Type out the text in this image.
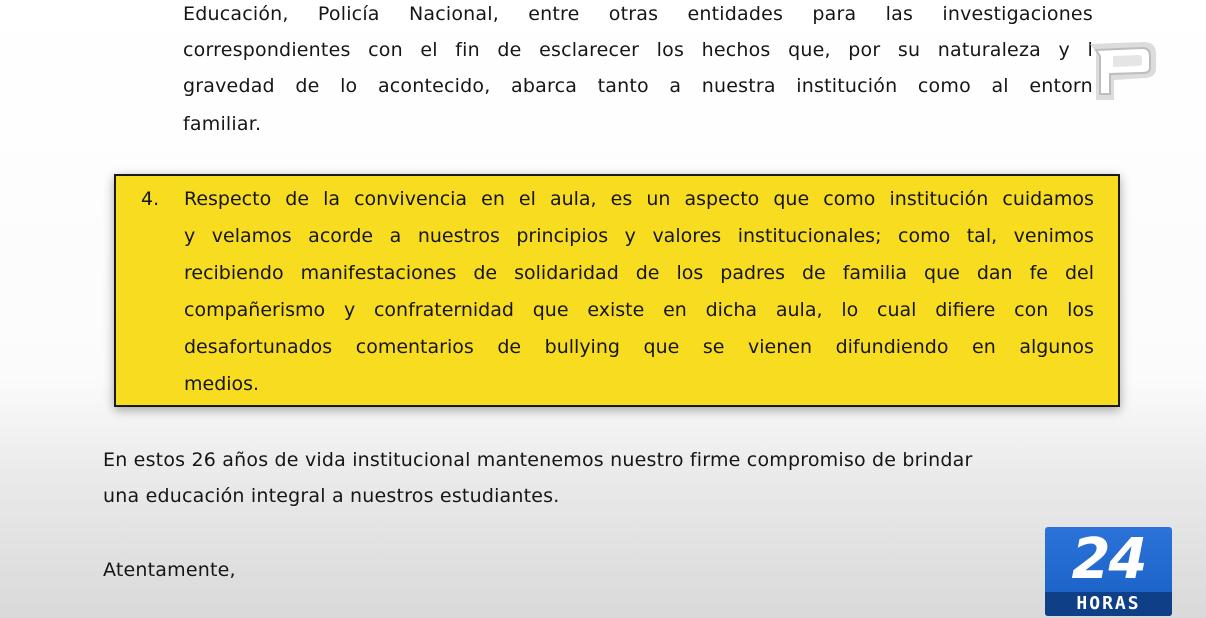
Educación, Policía Nacional, entre otras entidades para las investigaciones
correspondientes con el fin de esclarecer los hechos que, por su naturaleza y l
gravedad de lo acontecido, abarca tanto a nuestra institución como al entorn
familiar.
4. Respecto de la convivencia en el aula, es un aspecto que como institución cuidamos
y velamos acorde a nuestros principios y valores institucionales; como tal, venimos
recibiendo manifestaciones de solidaridad de los padres de familia que dan fe del
compañerismo y confraternidad que existe en dicha aula, lo cual difiere con los
desafortunados comentarios de bullying que se vienen difundiendo en algunos
medios.
En estos 26 años de vida institucional mantenemos nuestro firme compromiso de brindar
una educación integral a nuestros estudiantes.
Atentamente,	24
HORAS
